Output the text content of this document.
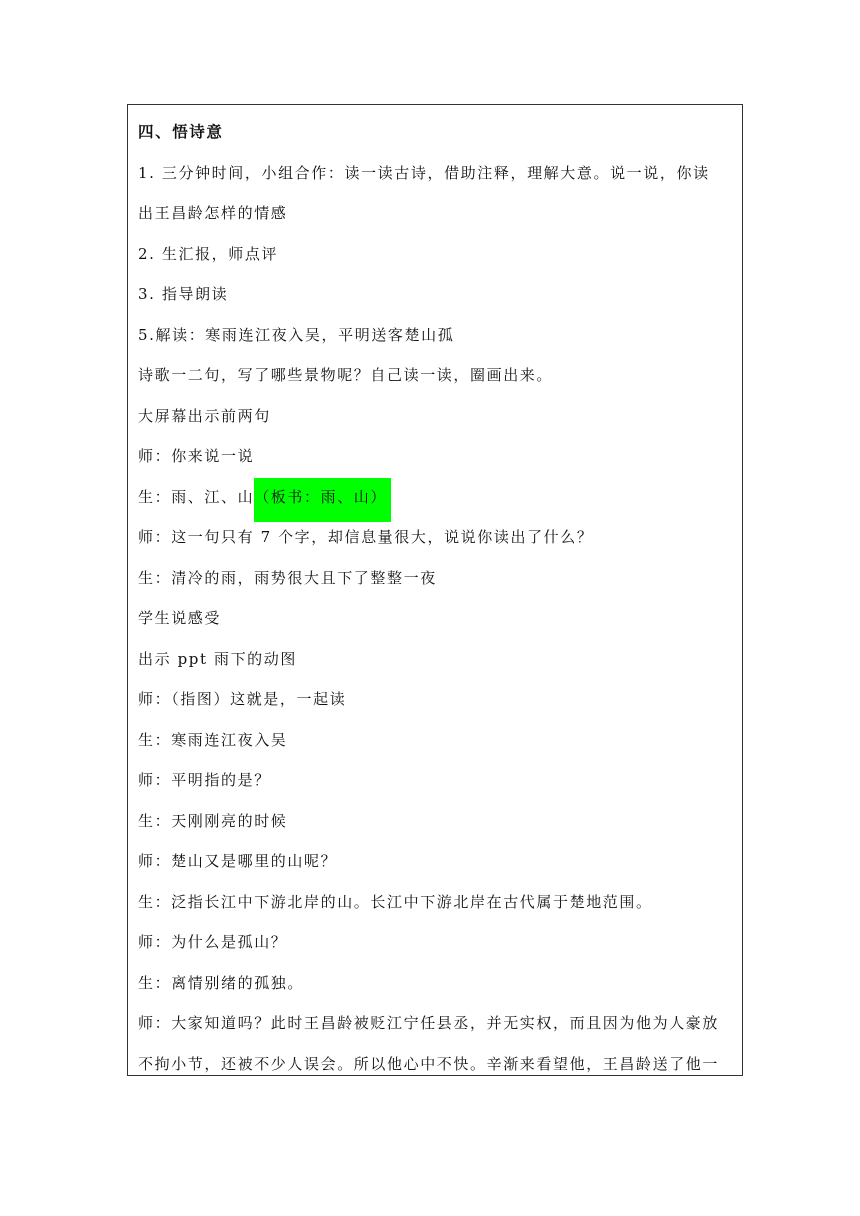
四、悟诗意
1. 三分钟时间，小组合作：读一读古诗，借助注释，理解大意。说一说，你读
出王昌龄怎样的情感
2. 生汇报，师点评
3. 指导朗读
5.解读：寒雨连江夜入吴，平明送客楚山孤
诗歌一二句，写了哪些景物呢？自己读一读，圈画出来。
大屏幕出示前两句
师：你来说一说
生：雨、江、山（板书：雨、山）
师：这一句只有 7 个字，却信息量很大，说说你读出了什么？
生：清冷的雨，雨势很大且下了整整一夜
学生说感受
出示 ppt 雨下的动图
师：（指图）这就是，一起读
生：寒雨连江夜入吴
师：平明指的是？
生：天刚刚亮的时候
师：楚山又是哪里的山呢？
生：泛指长江中下游北岸的山。长江中下游北岸在古代属于楚地范围。
师：为什么是孤山？
生：离情别绪的孤独。
师：大家知道吗？此时王昌龄被贬江宁任县丞，并无实权，而且因为他为人豪放
不拘小节，还被不少人误会。所以他心中不快。辛渐来看望他，王昌龄送了他一
